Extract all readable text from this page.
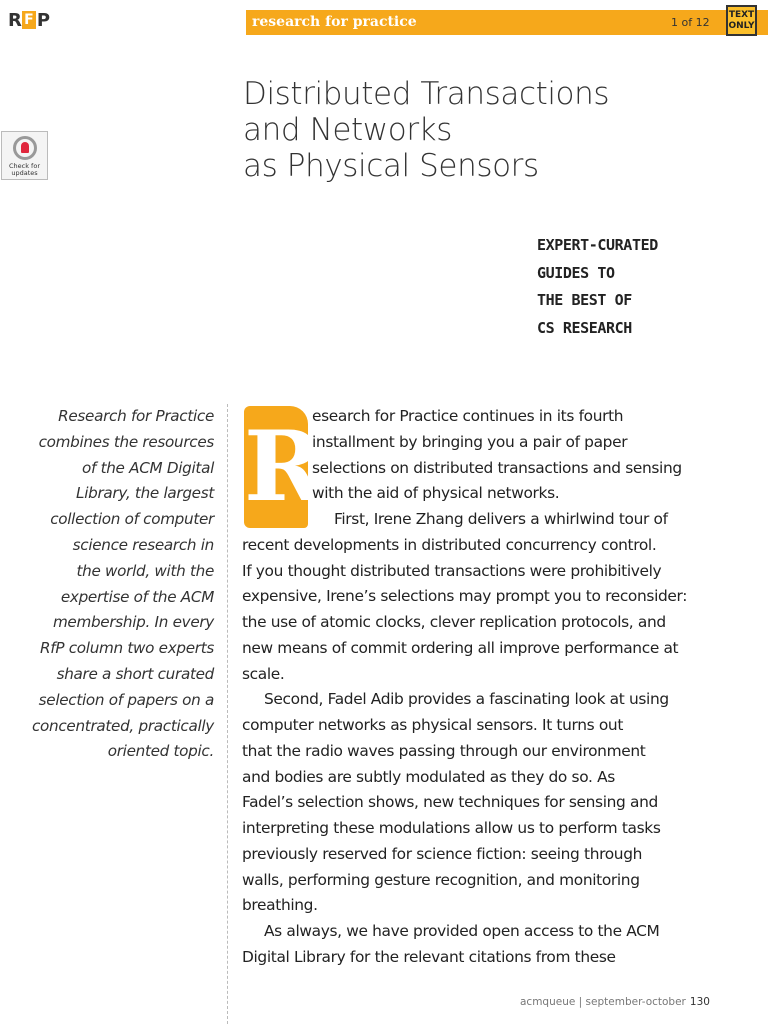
R F P	research for practice	1 of 12
TEXT
ONLY
Check for
updates
Distributed Transactions
and Networks
as Physical Sensors
EXPERT-CURATED
GUIDES TO
THE BEST OF
CS RESEARCH
Research for Practice
combines the resources
of the ACM Digital
Library, the largest
collection of computer
science research in
the world, with the
expertise of the ACM
membership. In every
RfP column two experts
share a short curated
selection of papers on a
concentrated, practically
oriented topic.
R
esearch for Practice continues in its fourth
installment by bringing you a pair of paper
selections on distributed transactions and sensing
with the aid of physical networks.
First, Irene Zhang delivers a whirlwind tour of
recent developments in distributed concurrency control.
If you thought distributed transactions were prohibitively
expensive, Irene’s selections may prompt you to reconsider:
the use of atomic clocks, clever replication protocols, and
new means of commit ordering all improve performance at
scale.
Second, Fadel Adib provides a fascinating look at using
computer networks as physical sensors. It turns out
that the radio waves passing through our environment
and bodies are subtly modulated as they do so. As
Fadel’s selection shows, new techniques for sensing and
interpreting these modulations allow us to perform tasks
previously reserved for science fiction: seeing through
walls, performing gesture recognition, and monitoring
breathing.
As always, we have provided open access to the ACM
Digital Library for the relevant citations from these
acmqueue | september-october 130
